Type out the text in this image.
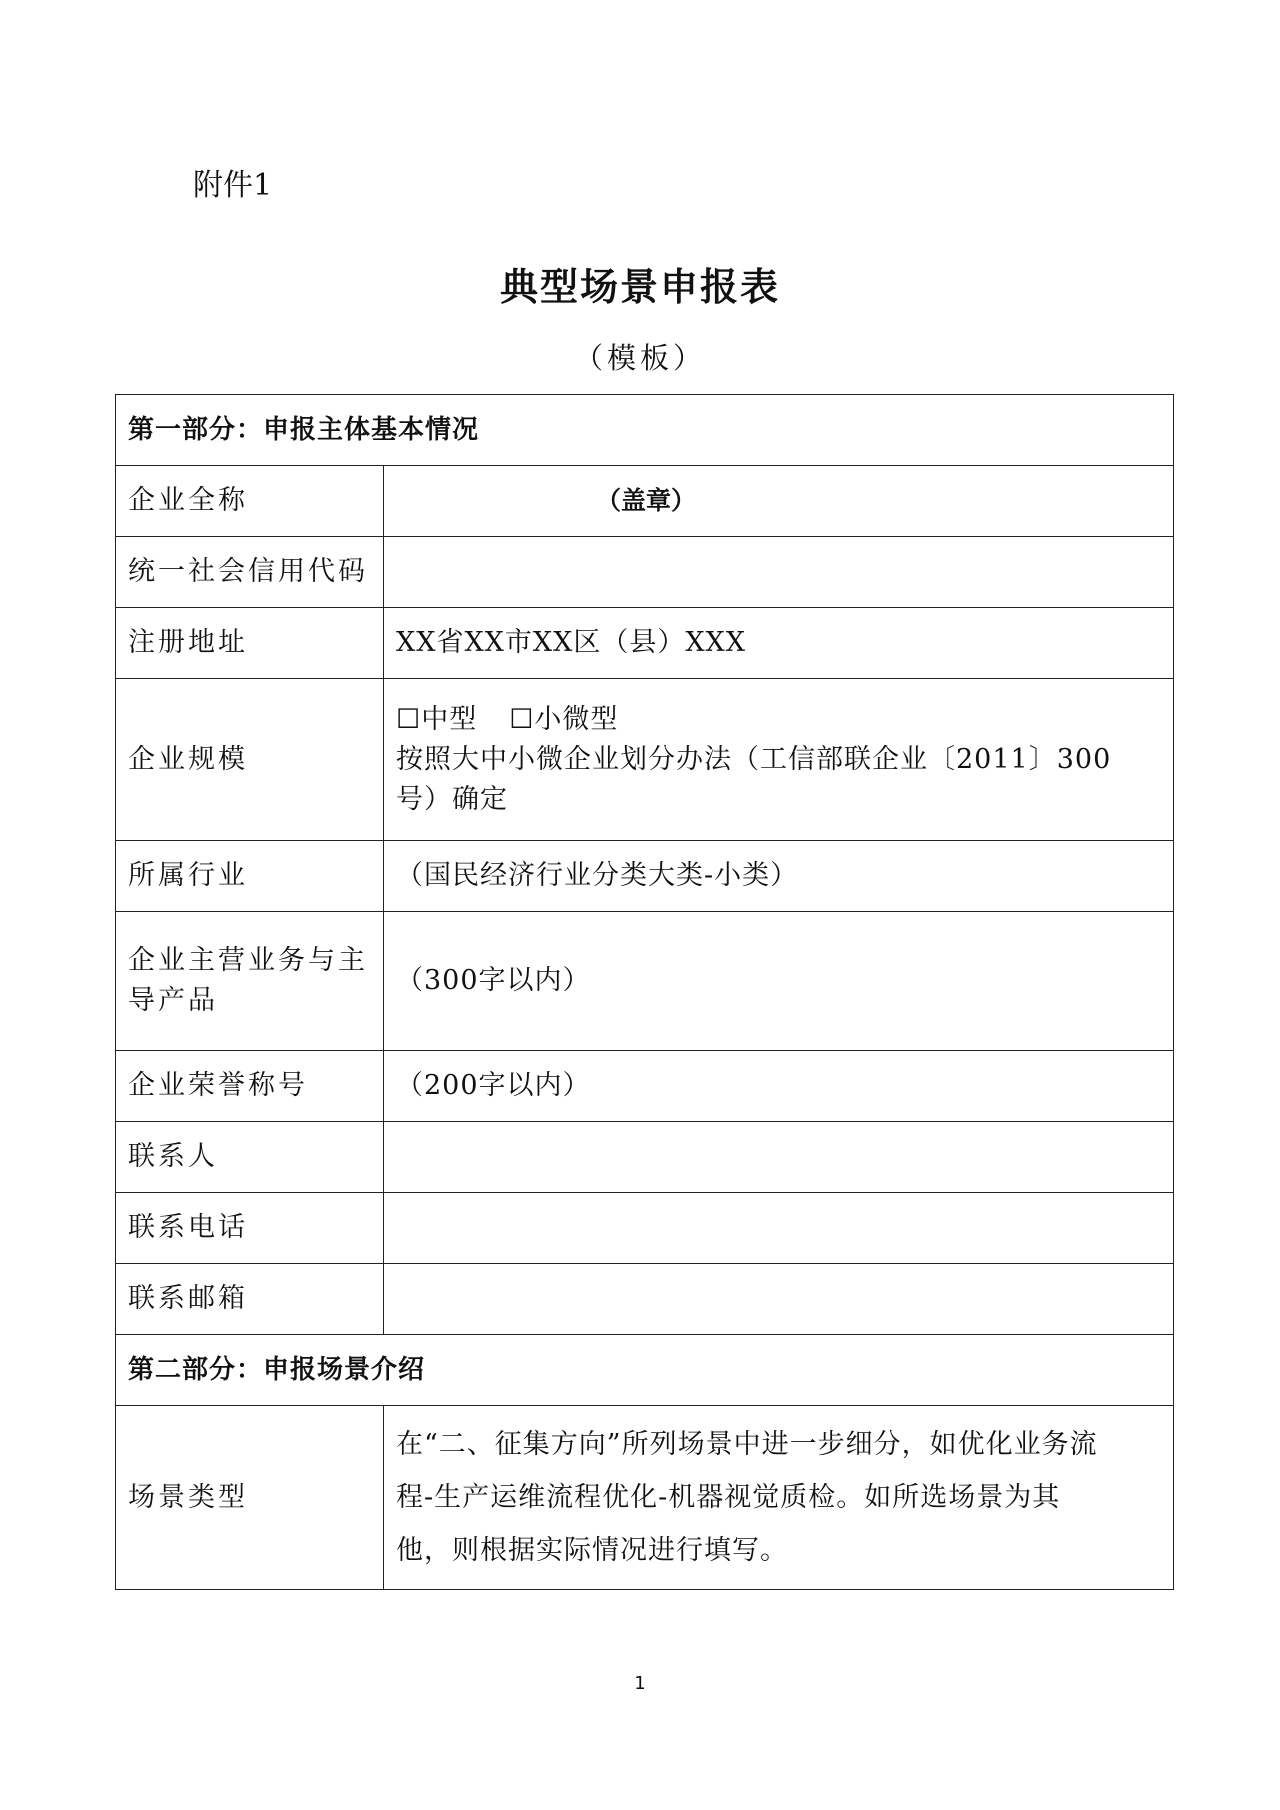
附件1
典型场景申报表
（模板）
第一部分：申报主体基本情况	
企业全称	（盖章）
统一社会信用代码	
注册地址	XX省XX市XX区（县）XXX
企业规模	☐中型 ☐小微型
按照大中小微企业划分办法（工信部联企业〔2011〕300
号）确定

所属行业	（国民经济行业分类大类-小类）

企业主营业务与主
导产品	（300字以内）
企业荣誉称号	（200字以内）
联系人	
联系电话	
联系邮箱	
第二部分：申报场景介绍	
场景类型	在“二、征集方向”所列场景中进一步细分，如优化业务流
程-生产运维流程优化-机器视觉质检。如所选场景为其
他，则根据实际情况进行填写。
1
